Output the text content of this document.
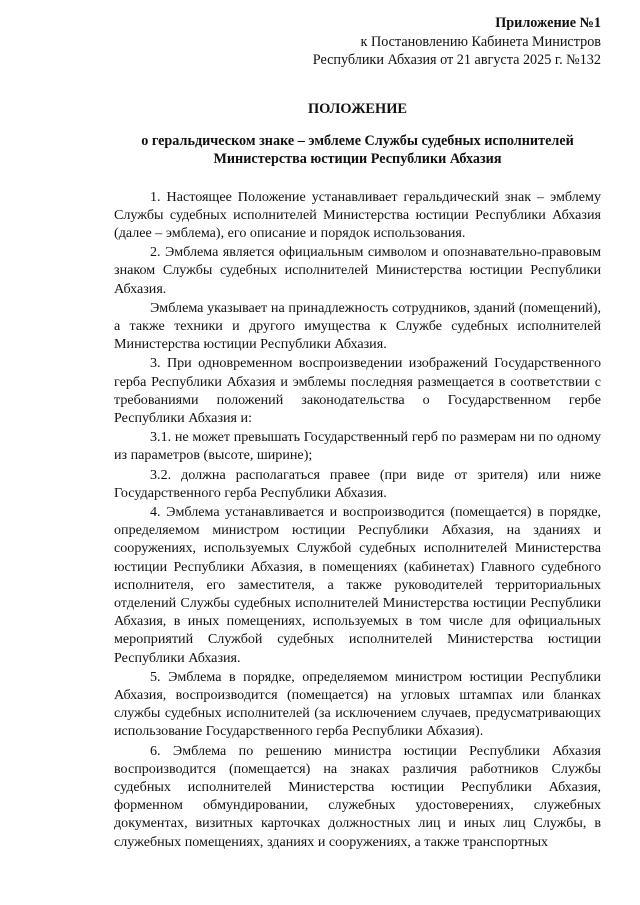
Приложение №1
к Постановлению Кабинета Министров
Республики Абхазия от 21 августа 2025 г. №132
ПОЛОЖЕНИЕ
о геральдическом знаке – эмблеме Службы судебных исполнителей
Министерства юстиции Республики Абхазия

1. Настоящее Положение устанавливает геральдический знак – эмблему Службы судебных исполнителей Министерства юстиции Республики Абхазия (далее – эмблема), его описание и порядок использования.

2. Эмблема является официальным символом и опознавательно-правовым знаком Службы судебных исполнителей Министерства юстиции Республики Абхазия.

Эмблема указывает на принадлежность сотрудников, зданий (помещений), а также техники и другого имущества к Службе судебных исполнителей Министерства юстиции Республики Абхазия.

3. При одновременном воспроизведении изображений Государственного герба Республики Абхазия и эмблемы последняя размещается в соответствии с требованиями положений законодательства о Государственном гербе Республики Абхазия и:

3.1. не может превышать Государственный герб по размерам ни по одному из параметров (высоте, ширине);

3.2. должна располагаться правее (при виде от зрителя) или ниже Государственного герба Республики Абхазия.

4. Эмблема устанавливается и воспроизводится (помещается) в порядке, определяемом министром юстиции Республики Абхазия, на зданиях и сооружениях, используемых Службой судебных исполнителей Министерства юстиции Республики Абхазия, в помещениях (кабинетах) Главного судебного исполнителя, его заместителя, а также руководителей территориальных отделений Службы судебных исполнителей Министерства юстиции Республики Абхазия, в иных помещениях, используемых в том числе для официальных мероприятий Службой судебных исполнителей Министерства юстиции Республики Абхазия.

5. Эмблема в порядке, определяемом министром юстиции Республики Абхазия, воспроизводится (помещается) на угловых штампах или бланках службы судебных исполнителей (за исключением случаев, предусматривающих использование Государственного герба Республики Абхазия).

6. Эмблема по решению министра юстиции Республики Абхазия воспроизводится (помещается) на знаках различия работников Службы судебных исполнителей Министерства юстиции Республики Абхазия, форменном обмундировании, служебных удостоверениях, служебных документах, визитных карточках должностных лиц и иных лиц Службы, в служебных помещениях, зданиях и сооружениях, а также транспортных
